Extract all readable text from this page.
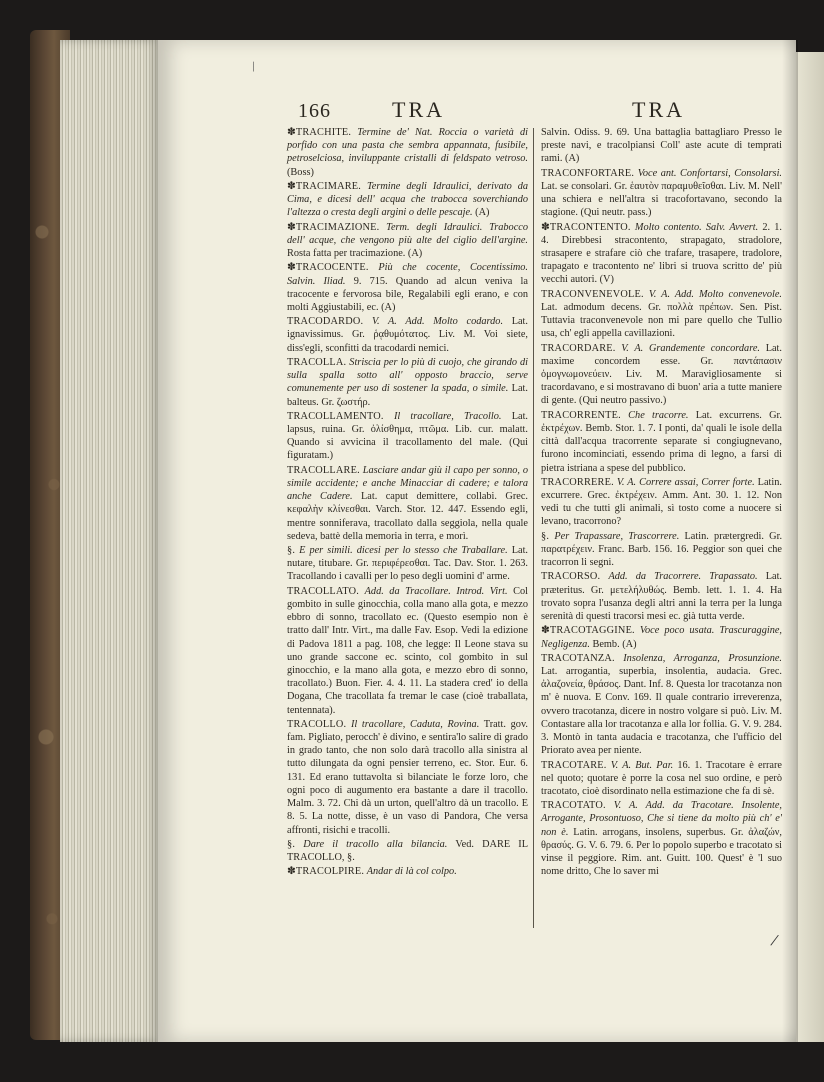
/
166	TRA	TRA

✽TRACHITE. Termine de' Nat. Roccia o varietà di porfido con una pasta che sembra appannata, fusibile, petroselciosa, inviluppante cristalli di feldspato vetroso. (Boss)

✽TRACIMARE. Termine degli Idraulici, derivato da Cima, e dicesi dell' acqua che trabocca soverchiando l'altezza o cresta degli argini o delle pescaje. (A)

✽TRACIMAZIONE. Term. degli Idraulici. Trabocco dell' acque, che vengono più alte del ciglio dell'argine. Rosta fatta per tracimazione. (A)

✽TRACOCENTE. Più che cocente, Cocentissimo. Salvin. Iliad. 9. 715. Quando ad alcun veniva la tracocente e fervorosa bile, Regalabili egli erano, e con molti Aggiustabili, ec. (A)

TRACODARDO. V. A. Add. Molto codardo. Lat. ignavissimus. Gr. ῥᾳθυμότατος. Liv. M. Voi siete, diss'egli, sconfitti da tracodardi nemici.

TRACOLLA. Striscia per lo più di cuojo, che girando di sulla spalla sotto all' opposto braccio, serve comunemente per uso di sostener la spada, o simile. Lat. balteus. Gr. ζωστήρ.

TRACOLLAMENTO. Il tracollare, Tracollo. Lat. lapsus, ruina. Gr. ὀλίσθημα, πτῶμα. Lib. cur. malatt. Quando si avvicina il tracollamento del male. (Qui figuratam.)

TRACOLLARE. Lasciare andar giù il capo per sonno, o simile accidente; e anche Minacciar di cadere; e talora anche Cadere. Lat. caput demittere, collabi. Grec. κεφαλὴν κλίνεσθαι. Varch. Stor. 12. 447. Essendo egli, mentre sonniferava, tracollato dalla seggiola, nella quale sedeva, battè della memoria in terra, e morì.

§. E per simili. dicesi per lo stesso che Traballare. Lat. nutare, titubare. Gr. περιφέρεσθαι. Tac. Dav. Stor. 1. 263. Tracollando i cavalli per lo peso degli uomini d' arme.

TRACOLLATO. Add. da Tracollare. Introd. Virt. Col gombito in sulle ginocchia, colla mano alla gota, e mezzo ebbro di sonno, tracollato ec. (Questo esempio non è tratto dall' Intr. Virt., ma dalle Fav. Esop. Vedi la edizione di Padova 1811 a pag. 108, che legge: Il Leone stava su uno grande saccone ec. scinto, col gombito in sul ginocchio, e la mano alla gota, e mezzo ebro di sonno, tracollato.) Buon. Fier. 4. 4. 11. La stadera cred' io della Dogana, Che tracollata fa tremar le case (cioè traballata, tentennata).

TRACOLLO. Il tracollare, Caduta, Rovina. Tratt. gov. fam. Pigliato, perocch' è divino, e sentira'lo salire di grado in grado tanto, che non solo darà tracollo alla sinistra al tutto dilungata da ogni pensier terreno, ec. Stor. Eur. 6. 131. Ed erano tuttavolta sì bilanciate le forze loro, che ogni poco di augumento era bastante a dare il tracollo. Malm. 3. 72. Chi dà un urton, quell'altro dà un tracollo. E 8. 5. La notte, disse, è un vaso di Pandora, Che versa affronti, risichi e tracolli.

§. Dare il tracollo alla bilancia. Ved. DARE IL TRACOLLO, §.

✽TRACOLPIRE. Andar di là col colpo.

Salvin. Odiss. 9. 69. Una battaglia battagliaro Presso le preste navi, e tracolpiansi Coll' aste acute di temprati rami. (A)

TRACONFORTARE. Voce ant. Confortarsi, Consolarsi. Lat. se consolari. Gr. ἑαυτὸν παραμυθεῖσθαι. Liv. M. Nell' una schiera e nell'altra si tracofortavano, secondo la stagione. (Qui neutr. pass.)

✽TRACONTENTO. Molto contento. Salv. Avvert. 2. 1. 4. Direbbesi stracontento, strapagato, stradolore, strasapere e strafare ciò che trafare, trasapere, tradolore, trapagato e tracontento ne' libri si truova scritto de' più vecchi autori. (V)

TRACONVENEVOLE. V. A. Add. Molto convenevole. Lat. admodum decens. Gr. πολλὰ πρέπων. Sen. Pist. Tuttavia traconvenevole non mi pare quello che Tullio usa, ch' egli appella cavillazioni.

TRACORDARE. V. A. Grandemente concordare. Lat. maxime concordem esse. Gr. παντάπασιν ὁμογνωμονεύειν. Liv. M. Maravigliosamente si tracordavano, e si mostravano di buon' aria a tutte maniere di gente. (Qui neutro passivo.)

TRACORRENTE. Che tracorre. Lat. excurrens. Gr. ἐκτρέχων. Bemb. Stor. 1. 7. I ponti, da' quali le isole della città dall'acqua tracorrente separate si congiugnevano, furono incominciati, essendo prima di legno, a farsi di pietra istriana a spese del pubblico.

TRACORRERE. V. A. Correre assai, Correr forte. Latin. excurrere. Grec. ἐκτρέχειν. Amm. Ant. 30. 1. 12. Non vedi tu che tutti gli animali, sì tosto come a nuocere si levano, tracorrono?

§. Per Trapassare, Trascorrere. Latin. prætergredi. Gr. παρατρέχειν. Franc. Barb. 156. 16. Peggior son quei che tracorron li segni.

TRACORSO. Add. da Tracorrere. Trapassato. Lat. præteritus. Gr. μετελήλυθώς. Bemb. lett. 1. 1. 4. Ha trovato sopra l'usanza degli altri anni la terra per la lunga serenità di questi tracorsi mesi ec. già tutta verde.

✽TRACOTAGGINE. Voce poco usata. Trascuraggine, Negligenza. Bemb. (A)

TRACOTANZA. Insolenza, Arroganza, Prosunzione. Lat. arrogantia, superbia, insolentia, audacia. Grec. ἀλαζονεία, θράσος. Dant. Inf. 8. Questa lor tracotanza non m' è nuova. E Conv. 169. Il quale contrario irreverenza, ovvero tracotanza, dicere in nostro volgare si può. Liv. M. Contastare alla lor tracotanza e alla lor follia. G. V. 9. 284. 3. Montò in tanta audacia e tracotanza, che l'ufficio del Priorato avea per niente.

TRACOTARE. V. A. But. Par. 16. 1. Tracotare è errare nel quoto; quotare è porre la cosa nel suo ordine, e però tracotato, cioè disordinato nella estimazione che fa di sè.

TRACOTATO. V. A. Add. da Tracotare. Insolente, Arrogante, Prosontuoso, Che si tiene da molto più ch' e' non è. Latin. arrogans, insolens, superbus. Gr. ἀλαζών, θρασύς. G. V. 6. 79. 6. Per lo popolo superbo e tracotato si vinse il peggiore. Rim. ant. Guitt. 100. Quest' è 'l suo nome dritto, Che lo saver mi

/
